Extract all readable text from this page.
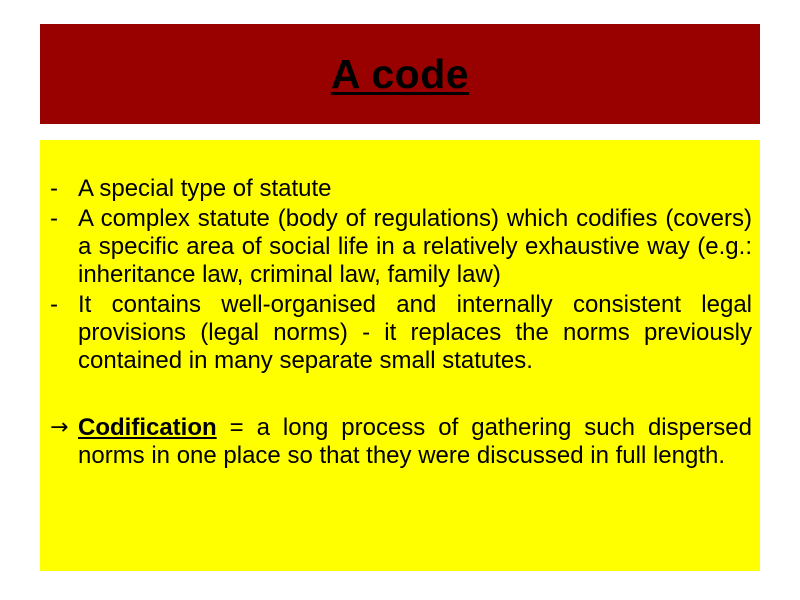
A code
- A special type of statute
- A complex statute (body of regulations) which codifies (covers) a specific area of social life in a relatively exhaustive way (e.g.: inheritance law, criminal law, family law)
- It contains well-organised and internally consistent legal provisions (legal norms) - it replaces the norms previously contained in many separate small statutes.
→ Codification = a long process of gathering such dispersed norms in one place so that they were discussed in full length.
